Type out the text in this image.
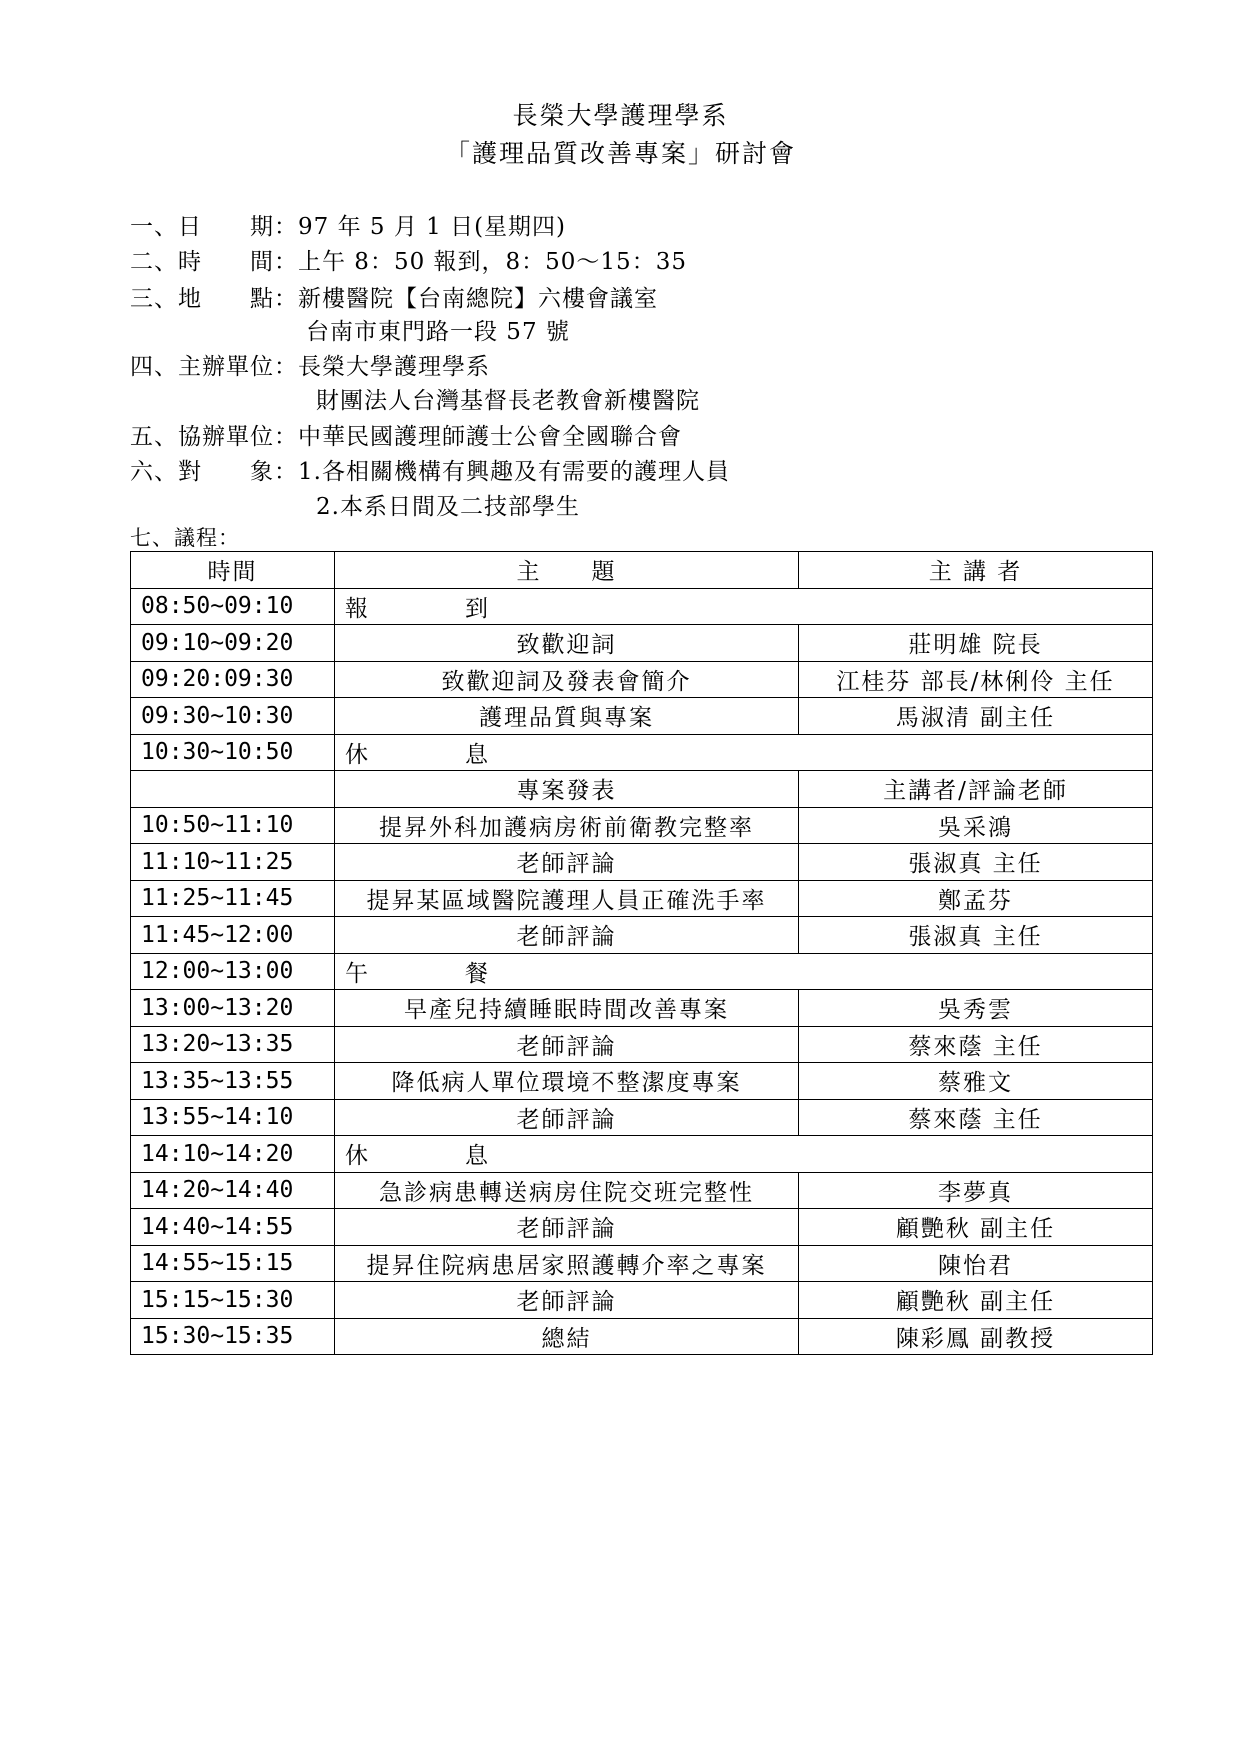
長榮大學護理學系
「護理品質改善專案」研討會
一、日　　期：97 年 5 月 1 日(星期四)
二、時　　間：上午 8：50 報到，8：50～15：35
三、地　　點：新樓醫院【台南總院】六樓會議室
台南市東門路一段 57 號
四、主辦單位：長榮大學護理學系
財團法人台灣基督長老教會新樓醫院
五、協辦單位：中華民國護理師護士公會全國聯合會
六、對　　象：1.各相關機構有興趣及有需要的護理人員
2.本系日間及二技部學生
七、議程：
時間	主　　題	主 講 者
08:50~09:10	報 到	
09:10~09:20	致歡迎詞	莊明雄 院長
09:20:09:30	致歡迎詞及發表會簡介	江桂芬 部長/林俐伶 主任
09:30~10:30	護理品質與專案	馬淑清 副主任
10:30~10:50	休 息	
	專案發表	主講者/評論老師
10:50~11:10	提昇外科加護病房術前衛教完整率	吳采鴻
11:10~11:25	老師評論	張淑真 主任
11:25~11:45	提昇某區域醫院護理人員正確洗手率	鄭孟芬
11:45~12:00	老師評論	張淑真 主任
12:00~13:00	午 餐	
13:00~13:20	早產兒持續睡眠時間改善專案	吳秀雲
13:20~13:35	老師評論	蔡來蔭 主任
13:35~13:55	降低病人單位環境不整潔度專案	蔡雅文
13:55~14:10	老師評論	蔡來蔭 主任
14:10~14:20	休 息	
14:20~14:40	急診病患轉送病房住院交班完整性	李夢真
14:40~14:55	老師評論	顧艷秋 副主任
14:55~15:15	提昇住院病患居家照護轉介率之專案	陳怡君
15:15~15:30	老師評論	顧艷秋 副主任
15:30~15:35	總結	陳彩鳳 副教授
